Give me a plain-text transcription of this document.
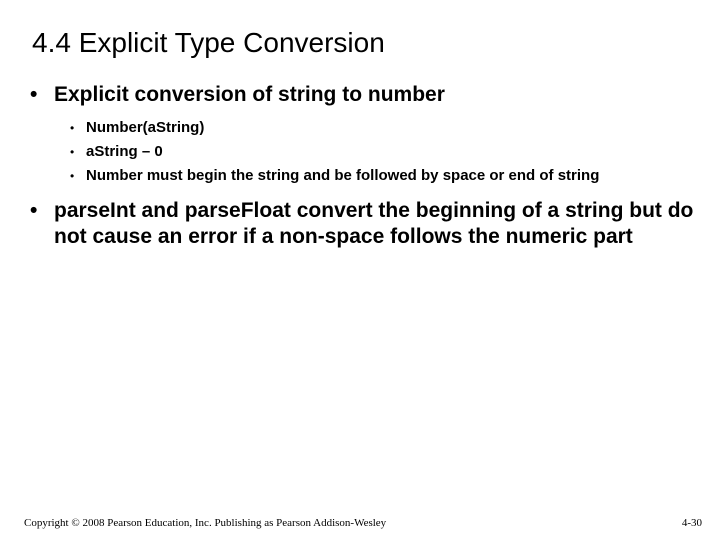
4.4 Explicit Type Conversion
• Explicit conversion of string to number
• Number(aString)
• aString – 0
• Number must begin the string and be followed by space or end of string
• parseInt and parseFloat convert the beginning of a string but do not cause an error if a non-space follows the numeric part
Copyright © 2008 Pearson Education, Inc. Publishing as Pearson Addison-Wesley	4-30
